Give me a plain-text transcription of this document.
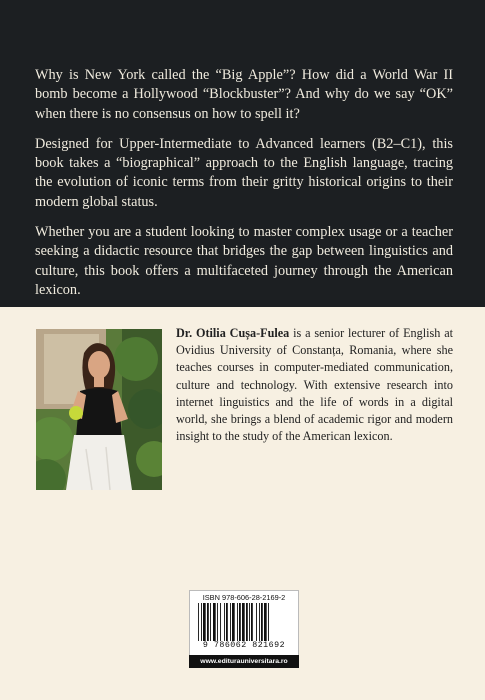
Why is New York called the “Big Apple”? How did a World War II bomb become a Hollywood “Blockbuster”? And why do we say “OK” when there is no consensus on how to spell it?

Designed for Upper-Intermediate to Advanced learners (B2–C1), this book takes a “biographical” approach to the English language, tracing the evolution of iconic terms from their gritty historical origins to their modern global status.

Whether you are a student looking to master complex usage or a teacher seeking a didactic resource that bridges the gap between linguistics and culture, this book offers a multifaceted journey through the American lexicon.

Dr. Otilia Cușa-Fulea is a senior lecturer of English at Ovidius University of Constanța, Romania, where she teaches courses in computer-mediated communication, culture and technology. With extensive research into internet linguistics and the life of words in a digital world, she brings a blend of academic rigor and modern insight to the study of the American lexicon.

ISBN 978-606-28-2169-2
9 786062 821692
www.editurauniversitara.ro
